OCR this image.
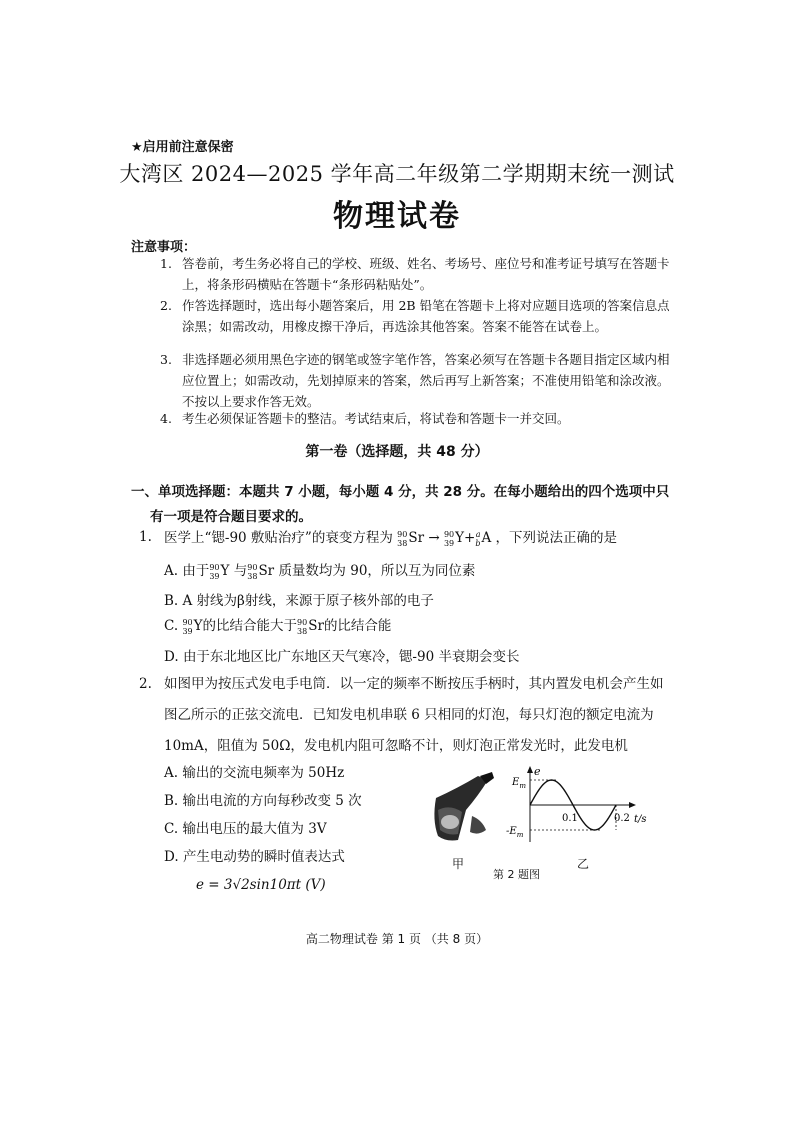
★启用前注意保密
大湾区 2024—2025 学年高二年级第二学期期末统一测试
物理试卷
注意事项：
1. 答卷前，考生务必将自己的学校、班级、姓名、考场号、座位号和准考证号填写在答题卡上，将条形码横贴在答题卡“条形码粘贴处”。
2. 作答选择题时，选出每小题答案后，用 2B 铅笔在答题卡上将对应题目选项的答案信息点涂黑；如需改动，用橡皮擦干净后，再选涂其他答案。答案不能答在试卷上。
3. 非选择题必须用黑色字迹的钢笔或签字笔作答，答案必须写在答题卡各题目指定区域内相应位置上；如需改动，先划掉原来的答案，然后再写上新答案；不准使用铅笔和涂改液。不按以上要求作答无效。
4. 考生必须保证答题卡的整洁。考试结束后，将试卷和答题卡一并交回。
第一卷（选择题，共 48 分）
一、单项选择题：本题共 7 小题，每小题 4 分，共 28 分。在每小题给出的四个选项中只
有一项是符合题目要求的。
1. 医学上“锶-90 敷贴治疗”的衰变方程为 90
38 Sr → 90
39 Y+ a
b A ，下列说法正确的是
A. 由于 90
39 Y 与 90
38 Sr 质量数均为 90，所以互为同位素
B. A 射线为β射线，来源于原子核外部的电子
C. 90
39 Y的比结合能大于 90
38 Sr的比结合能
D. 由于东北地区比广东地区天气寒冷，锶-90 半衰期会变长
2. 如图甲为按压式发电手电筒．以一定的频率不断按压手柄时，其内置发电机会产生如图乙所示的正弦交流电．已知发电机串联 6 只相同的灯泡，每只灯泡的额定电流为 10mA，阻值为 50Ω，发电机内阻可忽略不计，则灯泡正常发光时，此发电机
A. 输出的交流电频率为 50Hz
B. 输出电流的方向每秒改变 5 次
C. 输出电压的最大值为 3V
D. 产生电动势的瞬时值表达式
e = 3√2sin10πt (V)
甲
e
$E_m$
$-E_m$
0.1	0.2 t/s
乙
第 2 题图
高二物理试卷 第 1 页 （共 8 页）
